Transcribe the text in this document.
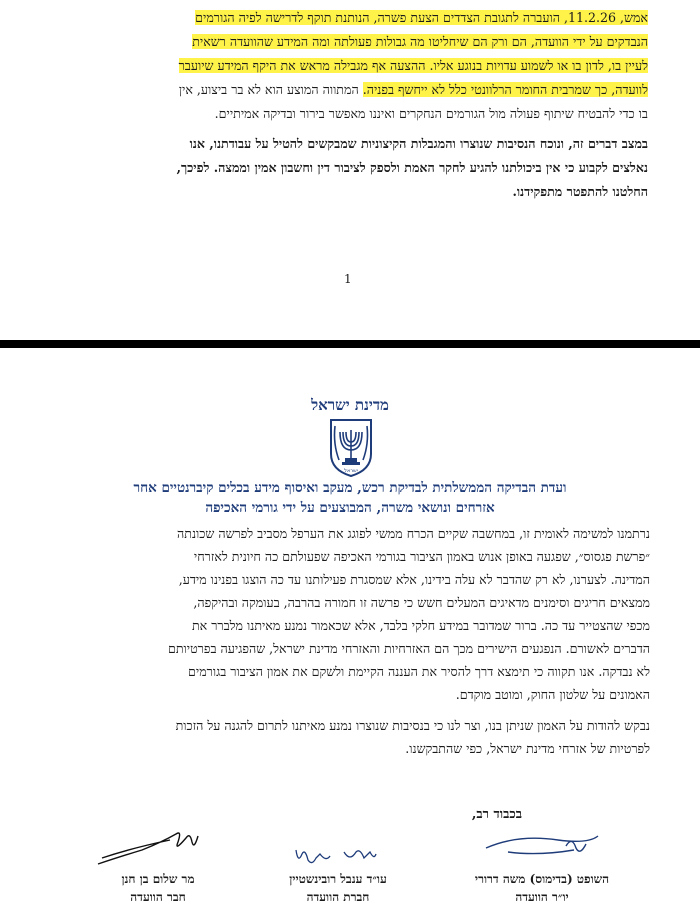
אמש, 11.2.26, הועברה לתגובת הצדדים הצעת פשרה, הנותנת תוקף לדרישה לפיה הגורמים
הנבדקים על ידי הוועדה, הם ורק הם שיחליטו מה גבולות פעולתה ומה המידע שהוועדה רשאית
לעיין בו, לדון בו או לשמוע עדויות בנוגע אליו. ההצעה אף מגבילה מראש את היקף המידע שיועבר
לוועדה, כך שמרבית החומר הרלוונטי כלל לא ייחשף בפניה. המתווה המוצע הוא לא בר ביצוע, אין
בו כדי להבטיח שיתוף פעולה מול הגורמים הנחקרים ואיננו מאפשר בירור ובדיקה אמיתיים.
במצב דברים זה, ונוכח הנסיבות שנוצרו והמגבלות הקיצוניות שמבקשים להטיל על עבודתנו, אנו
נאלצים לקבוע כי אין ביכולתנו להגיע לחקר האמת ולספק לציבור דין וחשבון אמין וממצה. לפיכך,
החלטנו להתפטר מתפקידנו.
1
מדינת ישראל
ישראל
ועדת הבדיקה הממשלתית לבדיקת רכש, מעקב ואיסוף מידע בכלים קיברנטיים אחר
אזרחים ונושאי משרה, המבוצעים על ידי גורמי האכיפה
נרתמנו למשימה לאומית זו, במחשבה שקיים הכרח ממשי לפוגג את הערפל מסביב לפרשה שכונתה
״פרשת פגסוס״, שפגעה באופן אנוש באמון הציבור בגורמי האכיפה שפעולתם כה חיונית לאזרחי
המדינה. לצערנו, לא רק שהדבר לא עלה בידינו, אלא שמסגרת פעילותנו עד כה הוצגו בפנינו מידע,
ממצאים חריגים וסימנים מדאיגים המעלים חשש כי פרשה זו חמורה בהרבה, בעומקה ובהיקפה,
מכפי שהצטייר עד כה. ברור שמדובר במידע חלקי בלבד, אלא שכאמור נמנע מאיתנו מלברר את
הדברים לאשורם. הנפגעים הישירים מכך הם האזרחיות והאזרחי מדינת ישראל, שהפגיעה בפרטיותם
לא נבדקה. אנו תקווה כי תימצא דרך להסיר את העננה הקיימת ולשקם את אמון הציבור בגורמים
האמונים על שלטון החוק, ומוטב מוקדם.
נבקש להודות על האמון שניתן בנו, וצר לנו כי בנסיבות שנוצרו נמנע מאיתנו לתרום להגנה על הזכות
לפרטיות של אזרחי מדינת ישראל, כפי שהתבקשנו.
בכבוד רב,
השופט (בדימוס) משה דרורי
יו״ר הוועדה
עו״ד ענבל רובינשטיין
חברת הוועדה
מר שלום בן חנן
חבר הוועדה
